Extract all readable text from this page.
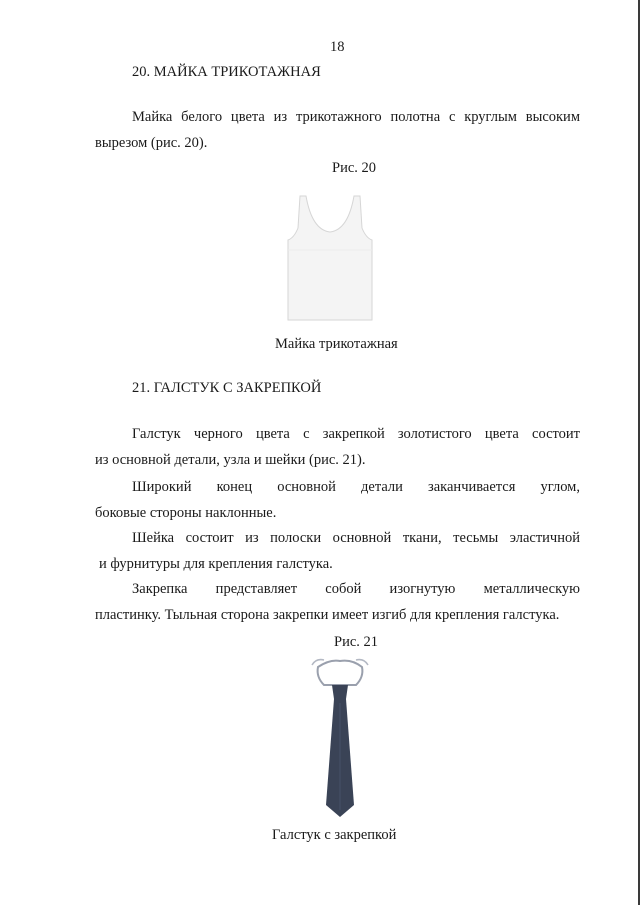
18
20. МАЙКА ТРИКОТАЖНАЯ
Майка белого цвета из трикотажного полотна с круглым высоким
вырезом (рис. 20).
Рис. 20
Майка трикотажная
21. ГАЛСТУК С ЗАКРЕПКОЙ
Галстук черного цвета с закрепкой золотистого цвета состоит
из основной детали, узла и шейки (рис. 21).
Широкий конец основной детали заканчивается углом,
боковые стороны наклонные.
Шейка состоит из полоски основной ткани, тесьмы эластичной
и фурнитуры для крепления галстука.
Закрепка представляет собой изогнутую металлическую
пластинку. Тыльная сторона закрепки имеет изгиб для крепления галстука.
Рис. 21
Галстук с закрепкой
